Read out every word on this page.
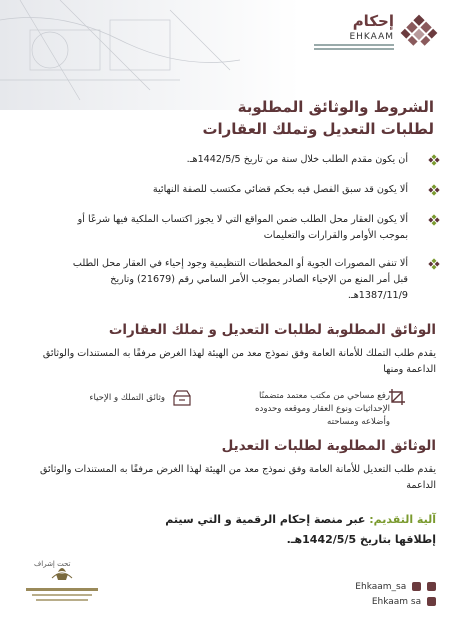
إحكام
EHKAAM
الشروط والوثائق المطلوبة
لطلبات التعديل وتملك العقارات
أن يكون مقدم الطلب خلال سنة من تاريخ 1442/5/5هـ.
ألا يكون قد سبق الفصل فيه بحكم قضائي مكتسب للصفة النهائية
ألا يكون العقار محل الطلب ضمن المواقع التي لا يجوز اكتساب الملكية فيها شرعًا أو بموجب الأوامر والقرارات والتعليمات
ألا تنفي المصورات الجوية أو المخططات التنظيمية وجود إحياء في العقار محل الطلب قبل أمر المنع من الإحياء الصادر بموجب الأمر السامي رقم (21679) وتاريخ 1387/11/9هـ.
الوثائق المطلوبة لطلبات التعديل و تملك العقارات
يقدم طلب التملك للأمانة العامة وفق نموذج معد من الهيئة لهذا الغرض مرفقًا به المستندات والوثائق الداعمة ومنها
رفع مساحي من مكتب معتمد متضمنًا الإحداثيات ونوع العقار وموقعه وحدوده وأضلاعه ومساحته
وثائق التملك و الإحياء
الوثائق المطلوبة لطلبات التعديل
يقدم طلب التعديل للأمانة العامة وفق نموذج معد من الهيئة لهذا الغرض مرفقًا به المستندات والوثائق الداعمة
آلية التقديم: عبر منصة إحكام الرقمية و التي سيتم
إطلاقها بتاريخ 1442/5/5هـ.
تحت إشراف
Ehkaam_sa
Ehkaam sa
